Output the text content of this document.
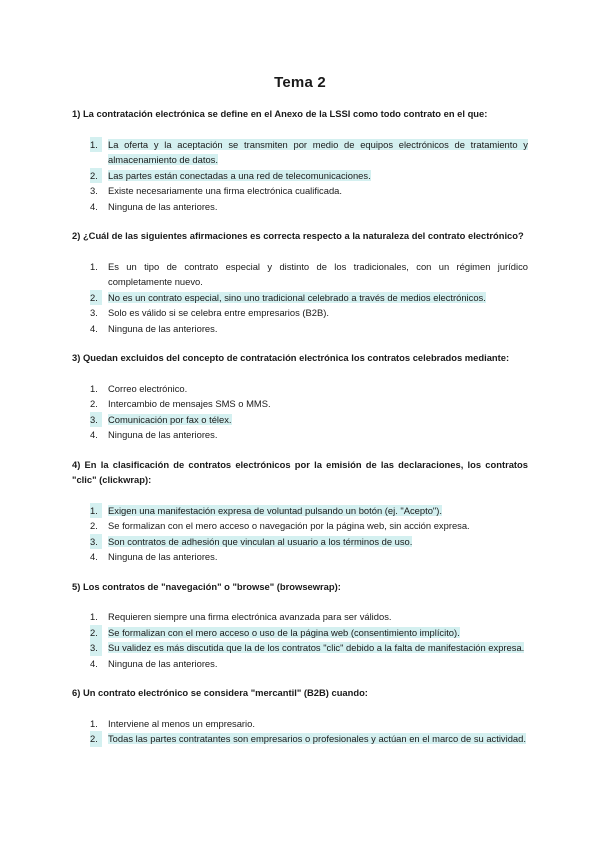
Tema 2
1) La contratación electrónica se define en el Anexo de la LSSI como todo contrato en el que:
1.	La oferta y la aceptación se transmiten por medio de equipos electrónicos de tratamiento y almacenamiento de datos.
2.	Las partes están conectadas a una red de telecomunicaciones.
3. Existe necesariamente una firma electrónica cualificada.
4. Ninguna de las anteriores.
2) ¿Cuál de las siguientes afirmaciones es correcta respecto a la naturaleza del contrato electrónico?
1. Es un tipo de contrato especial y distinto de los tradicionales, con un régimen jurídico completamente nuevo.
2.	No es un contrato especial, sino uno tradicional celebrado a través de medios electrónicos.
3. Solo es válido si se celebra entre empresarios (B2B).
4. Ninguna de las anteriores.
3) Quedan excluidos del concepto de contratación electrónica los contratos celebrados mediante:
1. Correo electrónico.
2. Intercambio de mensajes SMS o MMS.
3.	Comunicación por fax o télex.
4. Ninguna de las anteriores.
4) En la clasificación de contratos electrónicos por la emisión de las declaraciones, los contratos "clic" (clickwrap):
1.	Exigen una manifestación expresa de voluntad pulsando un botón (ej. "Acepto").
2. Se formalizan con el mero acceso o navegación por la página web, sin acción expresa.
3.	Son contratos de adhesión que vinculan al usuario a los términos de uso.
4. Ninguna de las anteriores.
5) Los contratos de "navegación" o "browse" (browsewrap):
1. Requieren siempre una firma electrónica avanzada para ser válidos.
2.	Se formalizan con el mero acceso o uso de la página web (consentimiento implícito).
3.	Su validez es más discutida que la de los contratos "clic" debido a la falta de manifestación expresa.
4. Ninguna de las anteriores.
6) Un contrato electrónico se considera "mercantil" (B2B) cuando:
1. Interviene al menos un empresario.
2.	Todas las partes contratantes son empresarios o profesionales y actúan en el marco de su actividad.
